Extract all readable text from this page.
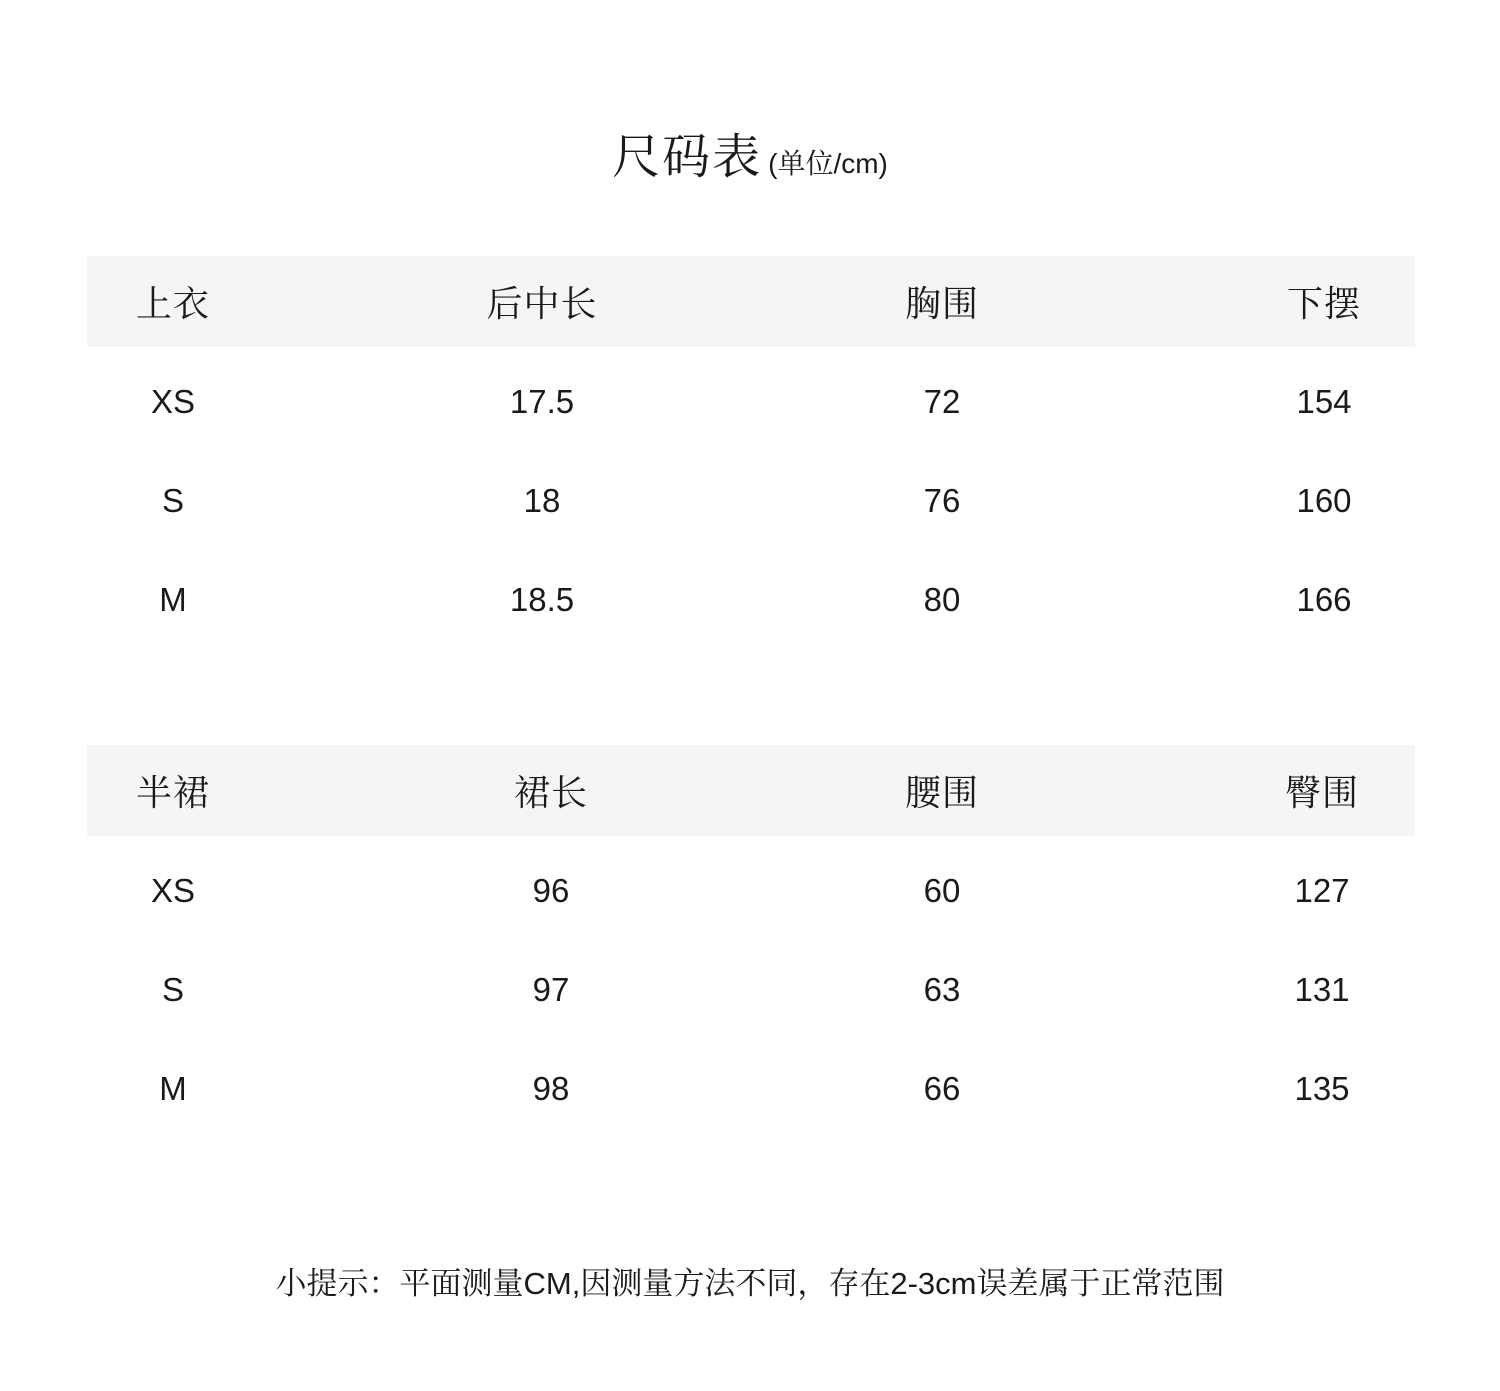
尺码表 (单位/cm)
上衣	后中长	胸围	下摆
XS	17.5	72	154
S	18	76	160
M	18.5	80	166
半裙	裙长	腰围	臀围
XS	96	60	127
S	97	63	131
M	98	66	135
小提示：平面测量CM,因测量方法不同，存在2-3cm误差属于正常范围
